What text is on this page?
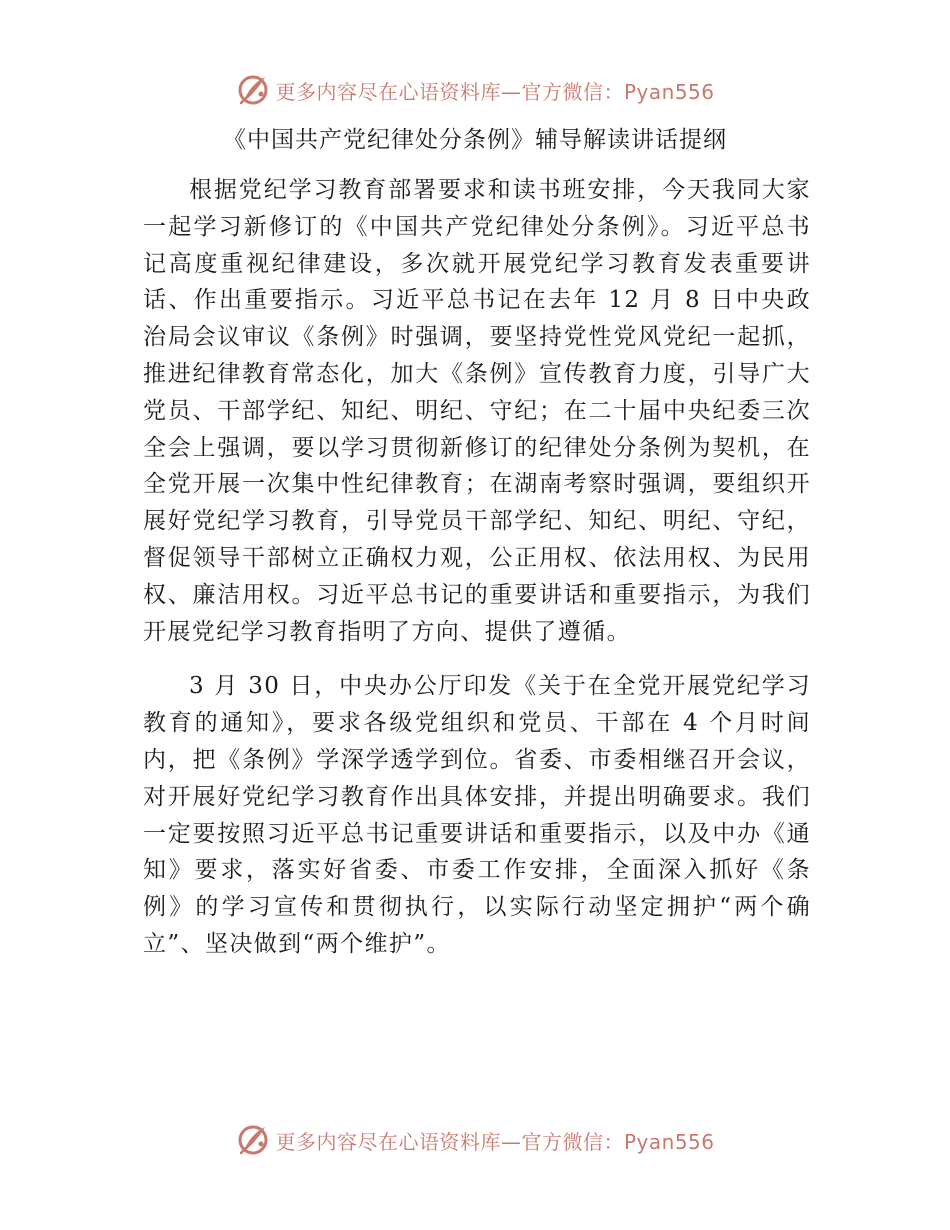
更多内容尽在心语资料库—官方微信：Pyan556
《中国共产党纪律处分条例》辅导解读讲话提纲

根据党纪学习教育部署要求和读书班安排，今天我同大家一起学习新修订的《中国共产党纪律处分条例》。习近平总书记高度重视纪律建设，多次就开展党纪学习教育发表重要讲话、作出重要指示。习近平总书记在去年 12 月 8 日中央政治局会议审议《条例》时强调，要坚持党性党风党纪一起抓，推进纪律教育常态化，加大《条例》宣传教育力度，引导广大党员、干部学纪、知纪、明纪、守纪；在二十届中央纪委三次全会上强调，要以学习贯彻新修订的纪律处分条例为契机，在全党开展一次集中性纪律教育；在湖南考察时强调，要组织开展好党纪学习教育，引导党员干部学纪、知纪、明纪、守纪，督促领导干部树立正确权力观，公正用权、依法用权、为民用权、廉洁用权。习近平总书记的重要讲话和重要指示，为我们开展党纪学习教育指明了方向、提供了遵循。

3 月 30 日，中央办公厅印发《关于在全党开展党纪学习教育的通知》，要求各级党组织和党员、干部在 4 个月时间内，把《条例》学深学透学到位。省委、市委相继召开会议，对开展好党纪学习教育作出具体安排，并提出明确要求。我们一定要按照习近平总书记重要讲话和重要指示，以及中办《通知》要求，落实好省委、市委工作安排，全面深入抓好《条例》的学习宣传和贯彻执行，以实际行动坚定拥护“两个确立”、坚决做到“两个维护”。

更多内容尽在心语资料库—官方微信：Pyan556
